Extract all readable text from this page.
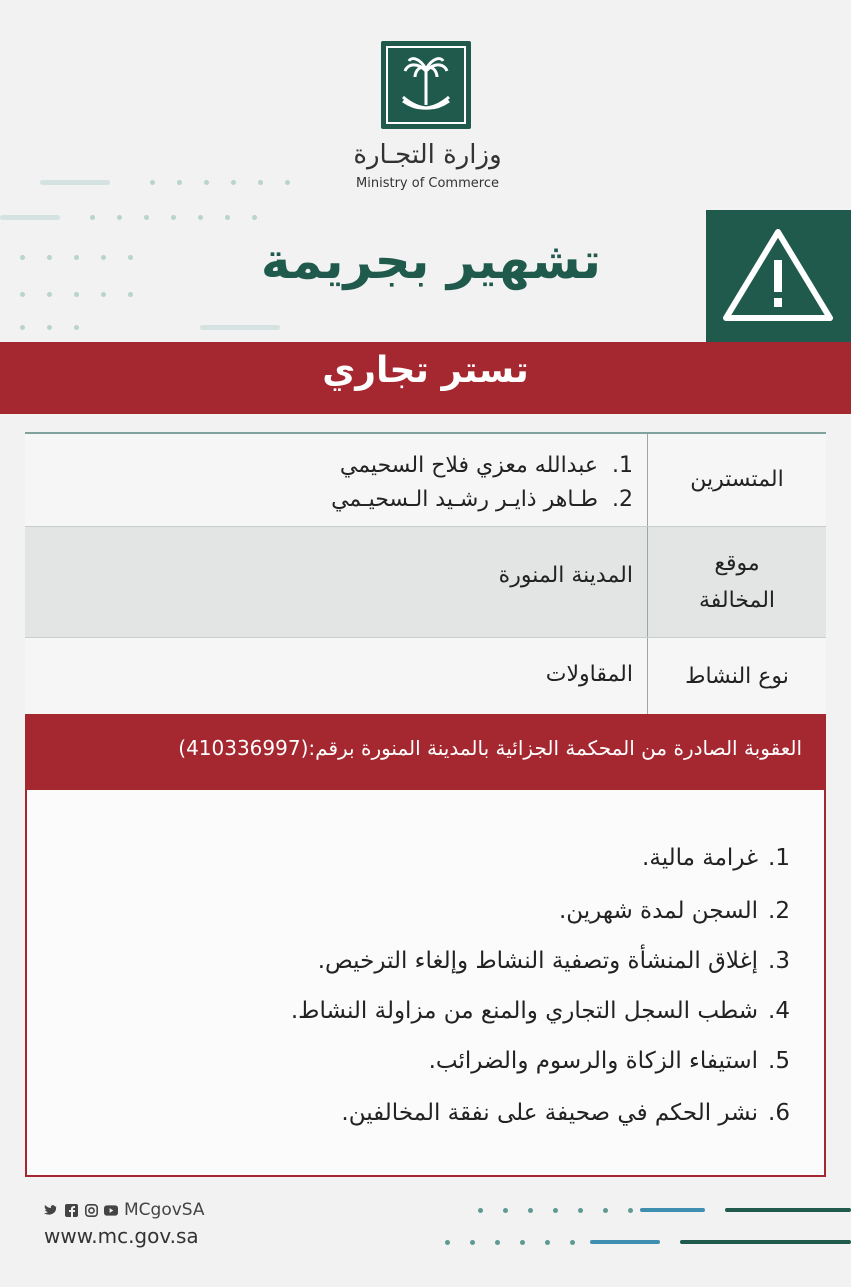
وزارة التجـارة
Ministry of Commerce
تشهير بجريمة
تستر تجاري
المتسترين
1.
عبدالله معزي فلاح السحيمي
2.
طـاهر ذايـر رشـيد الـسحيـمي
موقع المخالفة
المدينة المنورة
نوع النشاط
المقاولات
العقوبة الصادرة من المحكمة الجزائية بالمدينة المنورة برقم:(410336997)
1.
غرامة مالية.
2.
السجن لمدة شهرين.
3.
إغلاق المنشأة وتصفية النشاط وإلغاء الترخيص.
4.
شطب السجل التجاري والمنع من مزاولة النشاط.
5.
استيفاء الزكاة والرسوم والضرائب.
6.
نشر الحكم في صحيفة على نفقة المخالفين.
MCgovSA
www.mc.gov.sa
